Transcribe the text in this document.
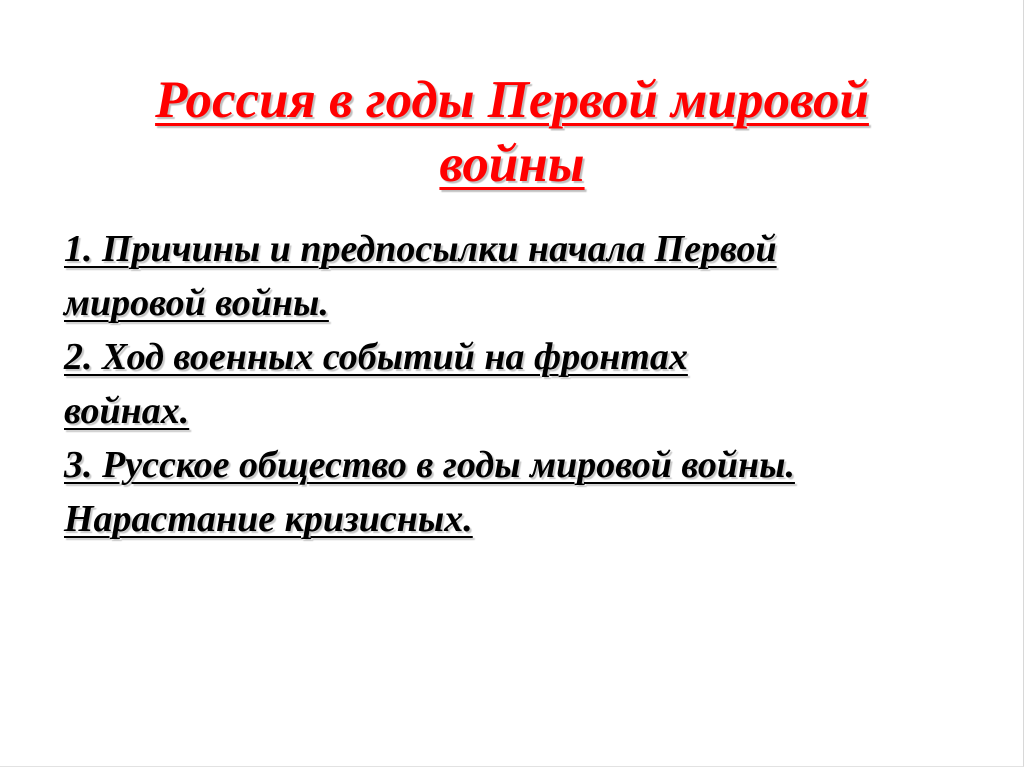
Россия в годы Первой мировой
войны
1. Причины и предпосылки начала Первой
мировой войны.
2. Ход военных событий на фронтах
войнах.
3. Русское общество в годы мировой войны.
Нарастание кризисных.
